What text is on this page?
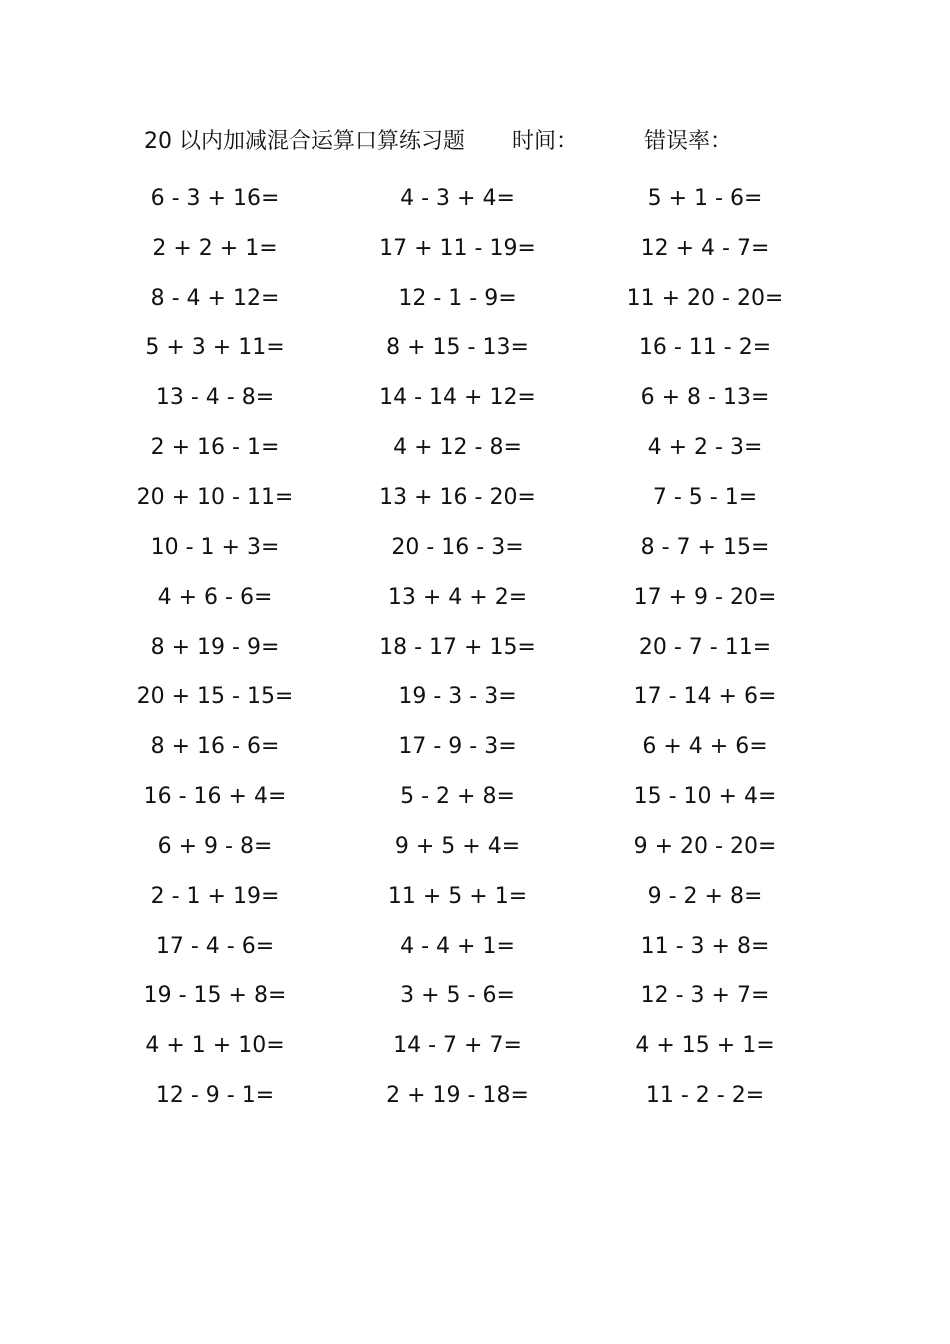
20 以内加减混合运算口算练习题 时间：	错误率：
6 - 3 + 16=	4 - 3 + 4=	5 + 1 - 6=
2 + 2 + 1=	17 + 11 - 19=	12 + 4 - 7=
8 - 4 + 12=	12 - 1 - 9=	11 + 20 - 20=
5 + 3 + 11=	8 + 15 - 13=	16 - 11 - 2=
13 - 4 - 8=	14 - 14 + 12=	6 + 8 - 13=
2 + 16 - 1=	4 + 12 - 8=	4 + 2 - 3=
20 + 10 - 11=	13 + 16 - 20=	7 - 5 - 1=
10 - 1 + 3=	20 - 16 - 3=	8 - 7 + 15=
4 + 6 - 6=	13 + 4 + 2=	17 + 9 - 20=
8 + 19 - 9=	18 - 17 + 15=	20 - 7 - 11=
20 + 15 - 15=	19 - 3 - 3=	17 - 14 + 6=
8 + 16 - 6=	17 - 9 - 3=	6 + 4 + 6=
16 - 16 + 4=	5 - 2 + 8=	15 - 10 + 4=
6 + 9 - 8=	9 + 5 + 4=	9 + 20 - 20=
2 - 1 + 19=	11 + 5 + 1=	9 - 2 + 8=
17 - 4 - 6=	4 - 4 + 1=	11 - 3 + 8=
19 - 15 + 8=	3 + 5 - 6=	12 - 3 + 7=
4 + 1 + 10=	14 - 7 + 7=	4 + 15 + 1=
12 - 9 - 1=	2 + 19 - 18=	11 - 2 - 2=
